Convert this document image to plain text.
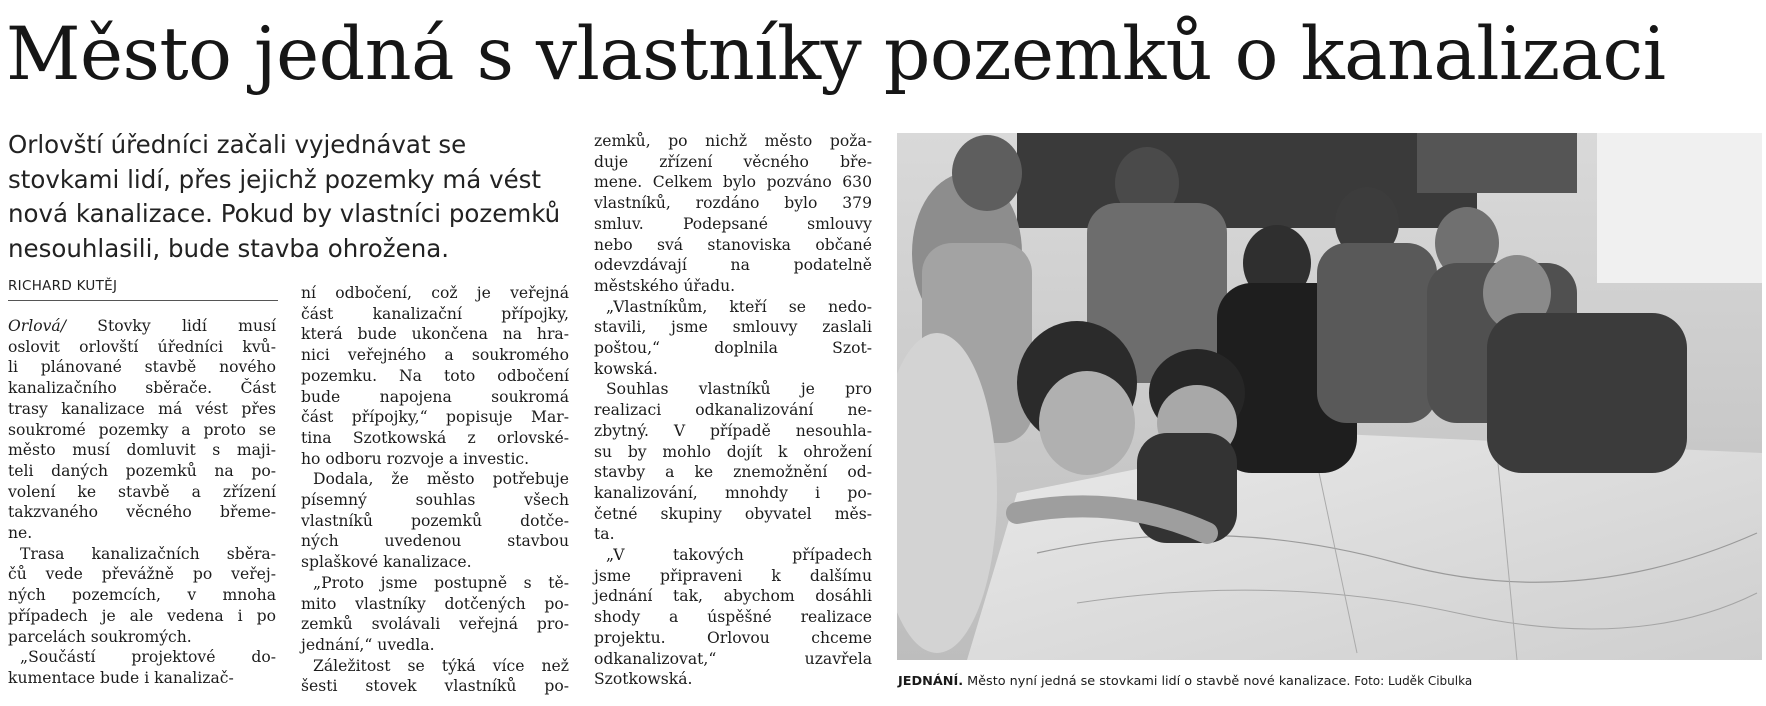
Město jedná s vlastníky pozemků o kanalizaci
Orlovští úředníci začali vyjednávat se
stovkami lidí, přes jejichž pozemky má vést
nová kanalizace. Pokud by vlastníci pozemků
nesouhlasili, bude stavba ohrožena.
RICHARD KUTĚJ
Orlová/ Stovky lidí musí
oslovit orlovští úředníci kvů-
li plánované stavbě nového
kanalizačního sběrače. Část
trasy kanalizace má vést přes
soukromé pozemky a proto se
město musí domluvit s maji-
teli daných pozemků na po-
volení ke stavbě a zřízení
takzvaného věcného břeme-
ne.
Trasa kanalizačních sběra-
čů vede převážně po veřej-
ných pozemcích, v mnoha
případech je ale vedena i po
parcelách soukromých.
„Součástí projektové do-
kumentace bude i kanalizač-
ní odbočení, což je veřejná
část kanalizační přípojky,
která bude ukončena na hra-
nici veřejného a soukromého
pozemku. Na toto odbočení
bude napojena soukromá
část přípojky,“ popisuje Mar-
tina Szotkowská z orlovské-
ho odboru rozvoje a investic.
Dodala, že město potřebuje
písemný souhlas všech
vlastníků pozemků dotče-
ných uvedenou stavbou
splaškové kanalizace.
„Proto jsme postupně s tě-
mito vlastníky dotčených po-
zemků svolávali veřejná pro-
jednání,“ uvedla.
Záležitost se týká více než
šesti stovek vlastníků po-
zemků, po nichž město poža-
duje zřízení věcného bře-
mene. Celkem bylo pozváno 630
vlastníků, rozdáno bylo 379
smluv. Podepsané smlouvy
nebo svá stanoviska občané
odevzdávají na podatelně
městského úřadu.
„Vlastníkům, kteří se nedo-
stavili, jsme smlouvy zaslali
poštou,“ doplnila Szot-
kowská.
Souhlas vlastníků je pro
realizaci odkanalizování ne-
zbytný. V případě nesouhla-
su by mohlo dojít k ohrožení
stavby a ke znemožnění od-
kanalizování, mnohdy i po-
četné skupiny obyvatel měs-
ta.
„V takových případech
jsme připraveni k dalšímu
jednání tak, abychom dosáhli
shody a úspěšné realizace
projektu. Orlovou chceme
odkanalizovat,“ uzavřela
Szotkowská.	JEDNÁNÍ. Město nyní jedná se stovkami lidí o stavbě nové kanalizace. Foto: Luděk Cibulka
